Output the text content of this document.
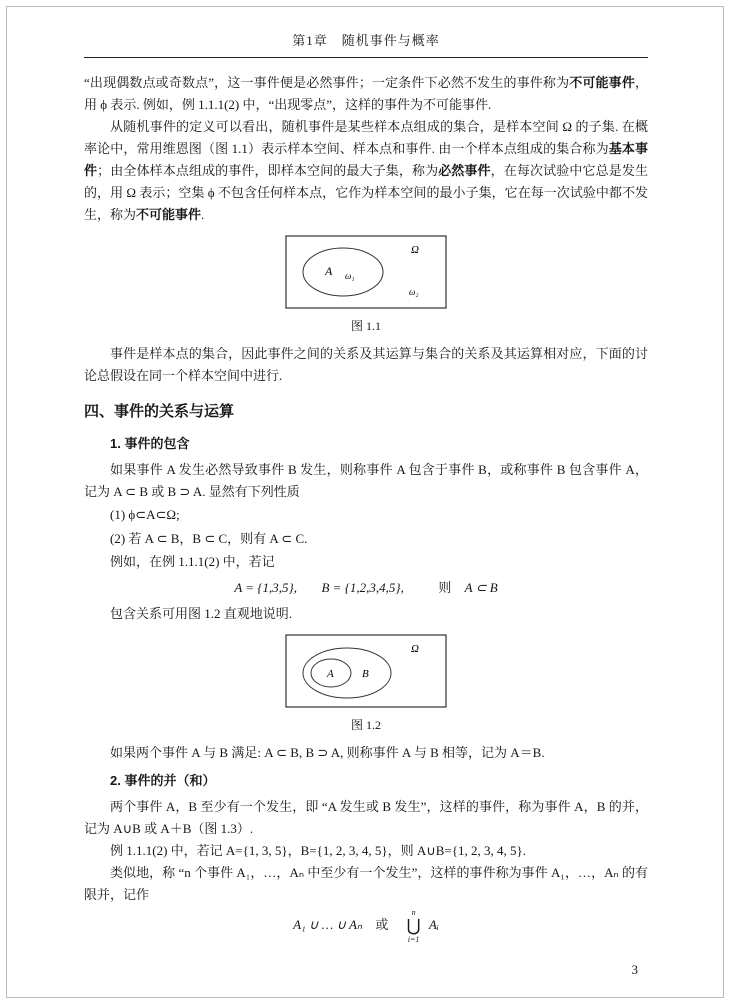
第1章　随机事件与概率

“出现偶数点或奇数点”，这一事件便是必然事件；一定条件下必然不发生的事件称为不可能事件，用 ϕ 表示. 例如，例 1.1.1(2) 中，“出现零点”，这样的事件为不可能事件.

从随机事件的定义可以看出，随机事件是某些样本点组成的集合，是样本空间 Ω 的子集. 在概率论中，常用维恩图（图 1.1）表示样本空间、样本点和事件. 由一个样本点组成的集合称为基本事件；由全体样本点组成的事件，即样本空间的最大子集，称为必然事件，在每次试验中它总是发生的，用 Ω 表示；空集 ϕ 不包含任何样本点，它作为样本空间的最小子集，它在每一次试验中都不发生，称为不可能事件.

A ω₁
Ω
ω₂
图 1.1

事件是样本点的集合，因此事件之间的关系及其运算与集合的关系及其运算相对应，下面的讨论总假设在同一个样本空间中进行.

四、事件的关系与运算
1. 事件的包含

如果事件 A 发生必然导致事件 B 发生，则称事件 A 包含于事件 B，或称事件 B 包含事件 A，记为 A ⊂ B 或 B ⊃ A. 显然有下列性质

(1) ϕ⊂A⊂Ω;
(2) 若 A ⊂ B，B ⊂ C，则有 A ⊂ C.

例如，在例 1.1.1(2) 中，若记

A = {1,3,5}, B = {1,2,3,4,5},	则 A ⊂ B

包含关系可用图 1.2 直观地说明.

A	B
Ω
图 1.2

如果两个事件 A 与 B 满足: A ⊂ B, B ⊃ A, 则称事件 A 与 B 相等，记为 A＝B.

2. 事件的并（和）

两个事件 A，B 至少有一个发生，即 “A 发生或 B 发生”，这样的事件，称为事件 A，B 的并，记为 A∪B 或 A＋B（图 1.3）.

例 1.1.1(2) 中，若记 A={1, 3, 5}，B={1, 2, 3, 4, 5}，则 A∪B={1, 2, 3, 4, 5}.

类似地，称 “n 个事件 A₁，…，Aₙ 中至少有一个发生”，这样的事件称为事件 A₁，…，Aₙ 的有限并，记作

A₁ ∪ … ∪ Aₙ 或
n
⋃
i=1
Aᵢ
3
